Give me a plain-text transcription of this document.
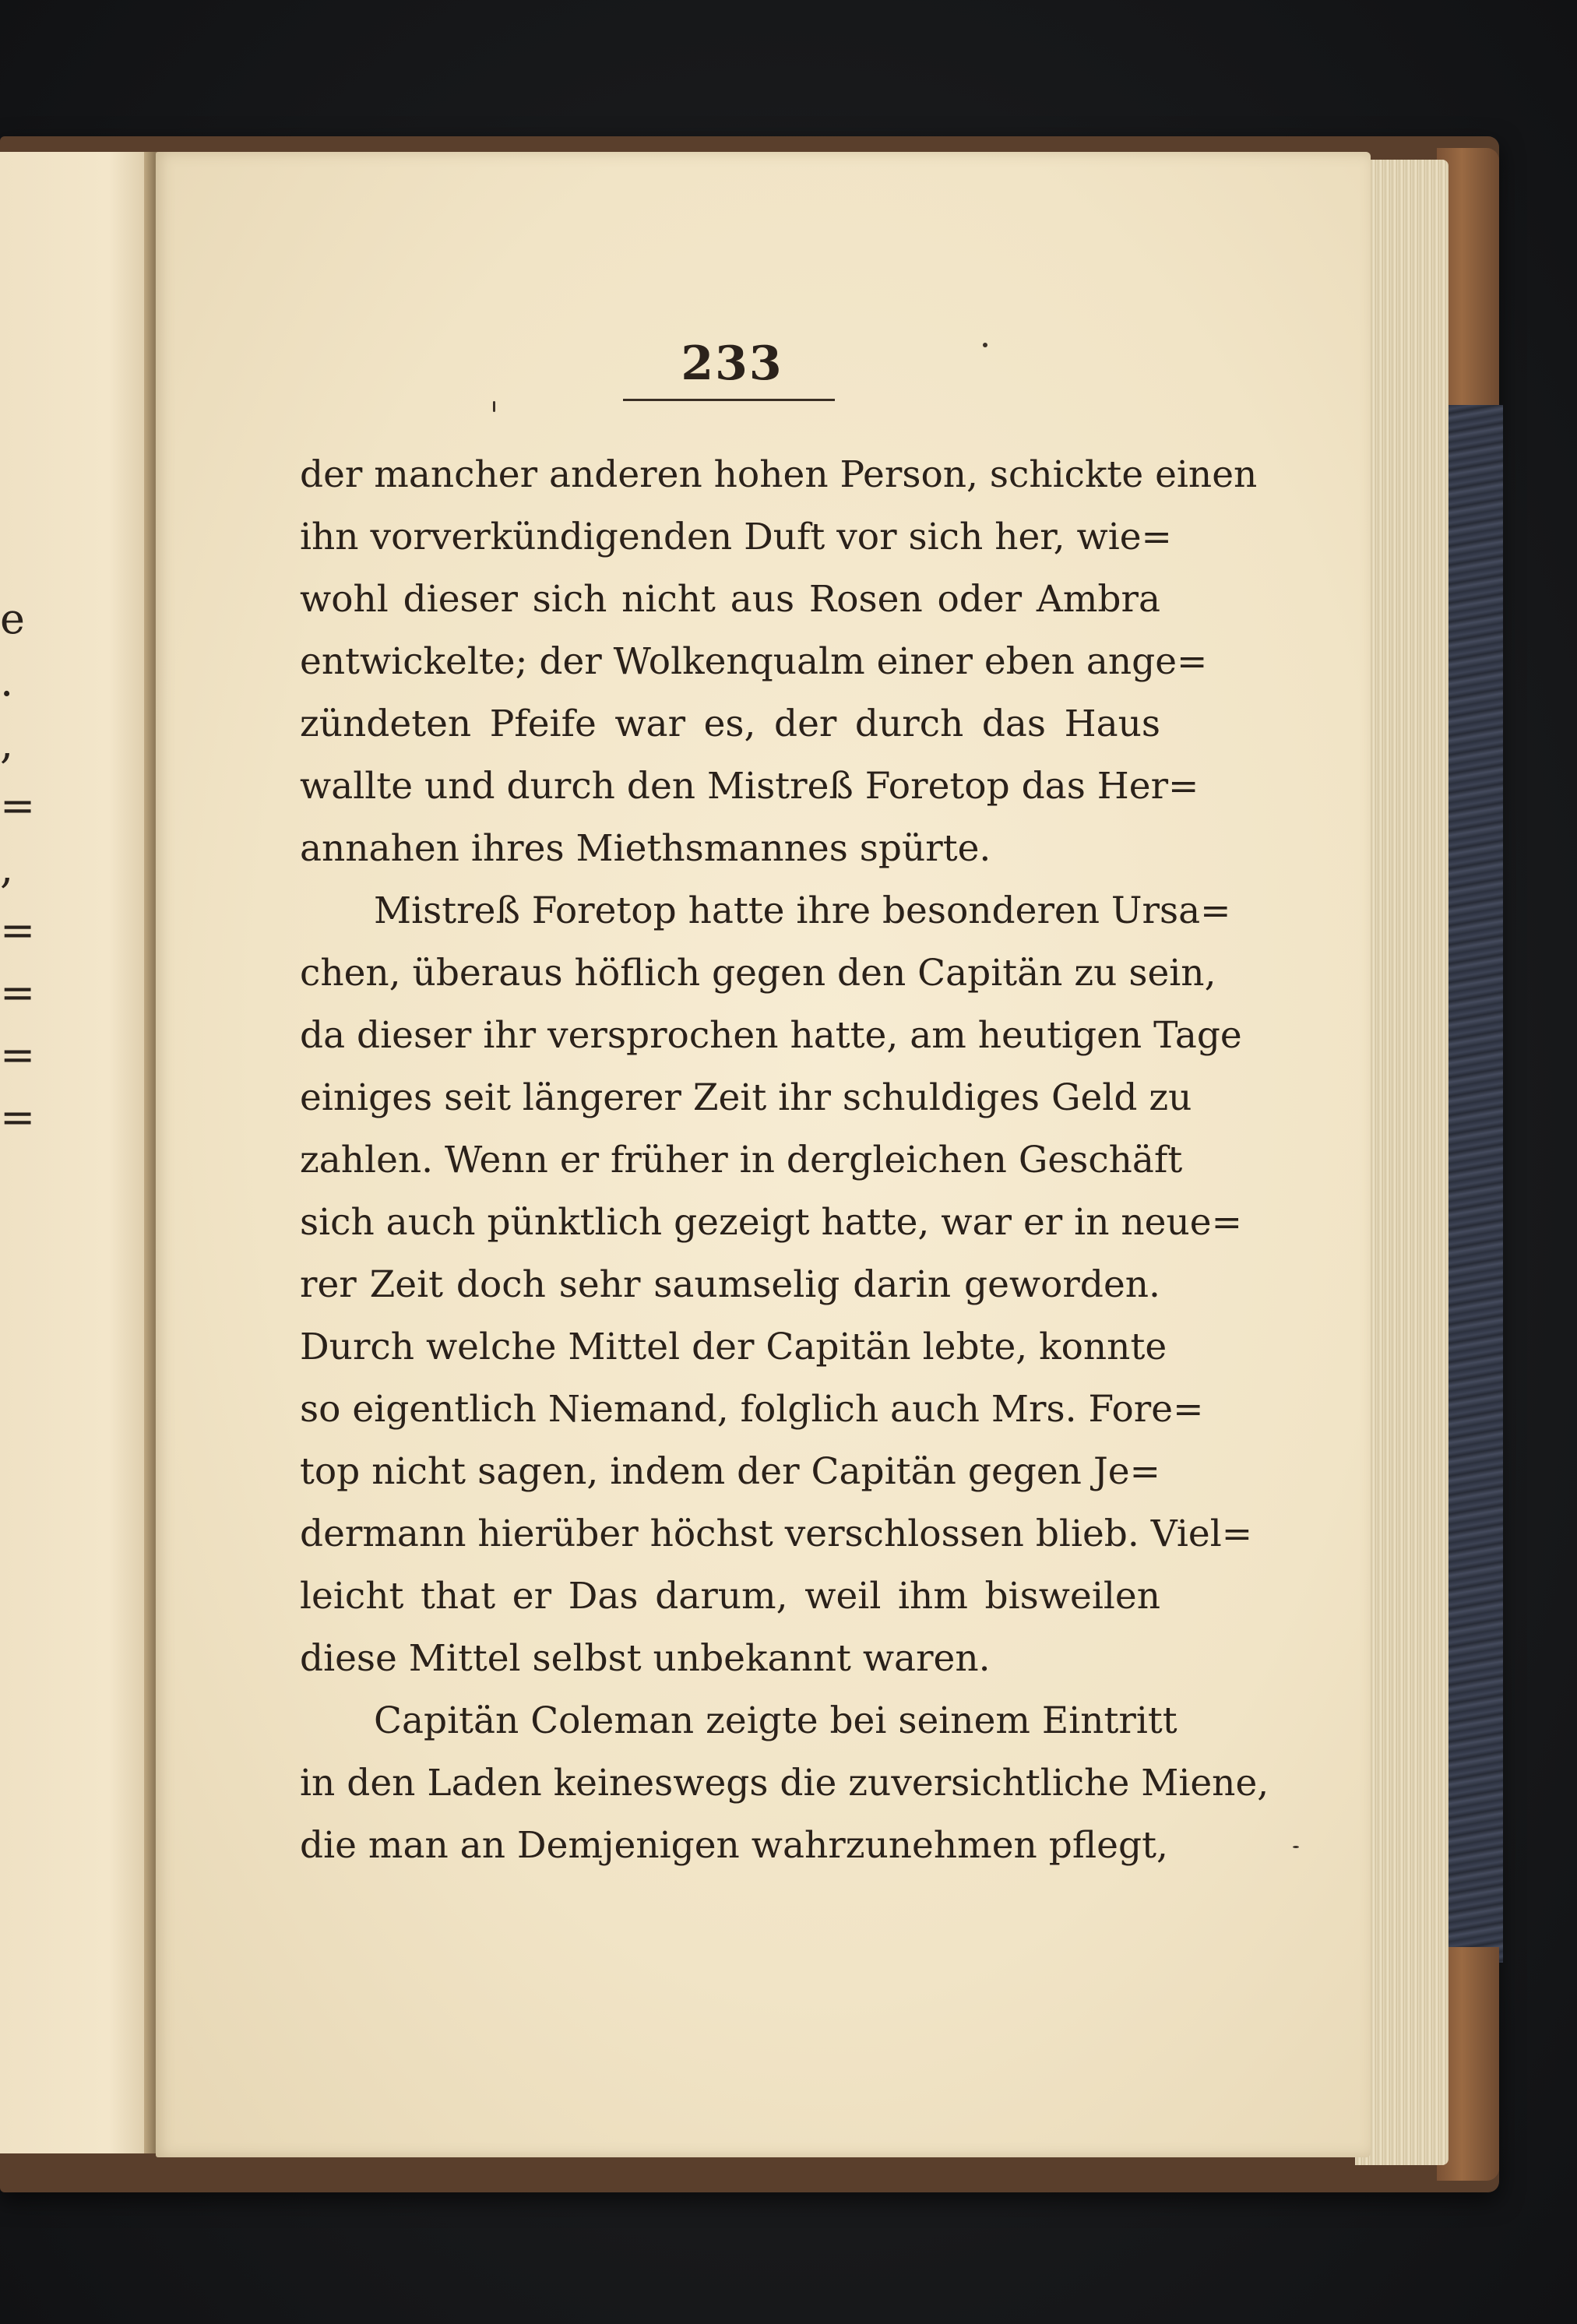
e
.
,
=
,
=
=
=
=
233
der mancher anderen hohen Person, schickte einen
ihn vorverkündigenden Duft vor sich her, wie=
wohl dieser sich nicht aus Rosen oder Ambra
entwickelte; der Wolkenqualm einer eben ange=
zündeten Pfeife war es, der durch das Haus
wallte und durch den Mistreß Foretop das Her=
annahen ihres Miethsmannes spürte.
Mistreß Foretop hatte ihre besonderen Ursa=
chen, überaus höflich gegen den Capitän zu sein,
da dieser ihr versprochen hatte, am heutigen Tage
einiges seit längerer Zeit ihr schuldiges Geld zu
zahlen. Wenn er früher in dergleichen Geschäft
sich auch pünktlich gezeigt hatte, war er in neue=
rer Zeit doch sehr saumselig darin geworden.
Durch welche Mittel der Capitän lebte, konnte
so eigentlich Niemand, folglich auch Mrs. Fore=
top nicht sagen, indem der Capitän gegen Je=
dermann hierüber höchst verschlossen blieb. Viel=
leicht that er Das darum, weil ihm bisweilen
diese Mittel selbst unbekannt waren.
Capitän Coleman zeigte bei seinem Eintritt
in den Laden keineswegs die zuversichtliche Miene,
die man an Demjenigen wahrzunehmen pflegt,
